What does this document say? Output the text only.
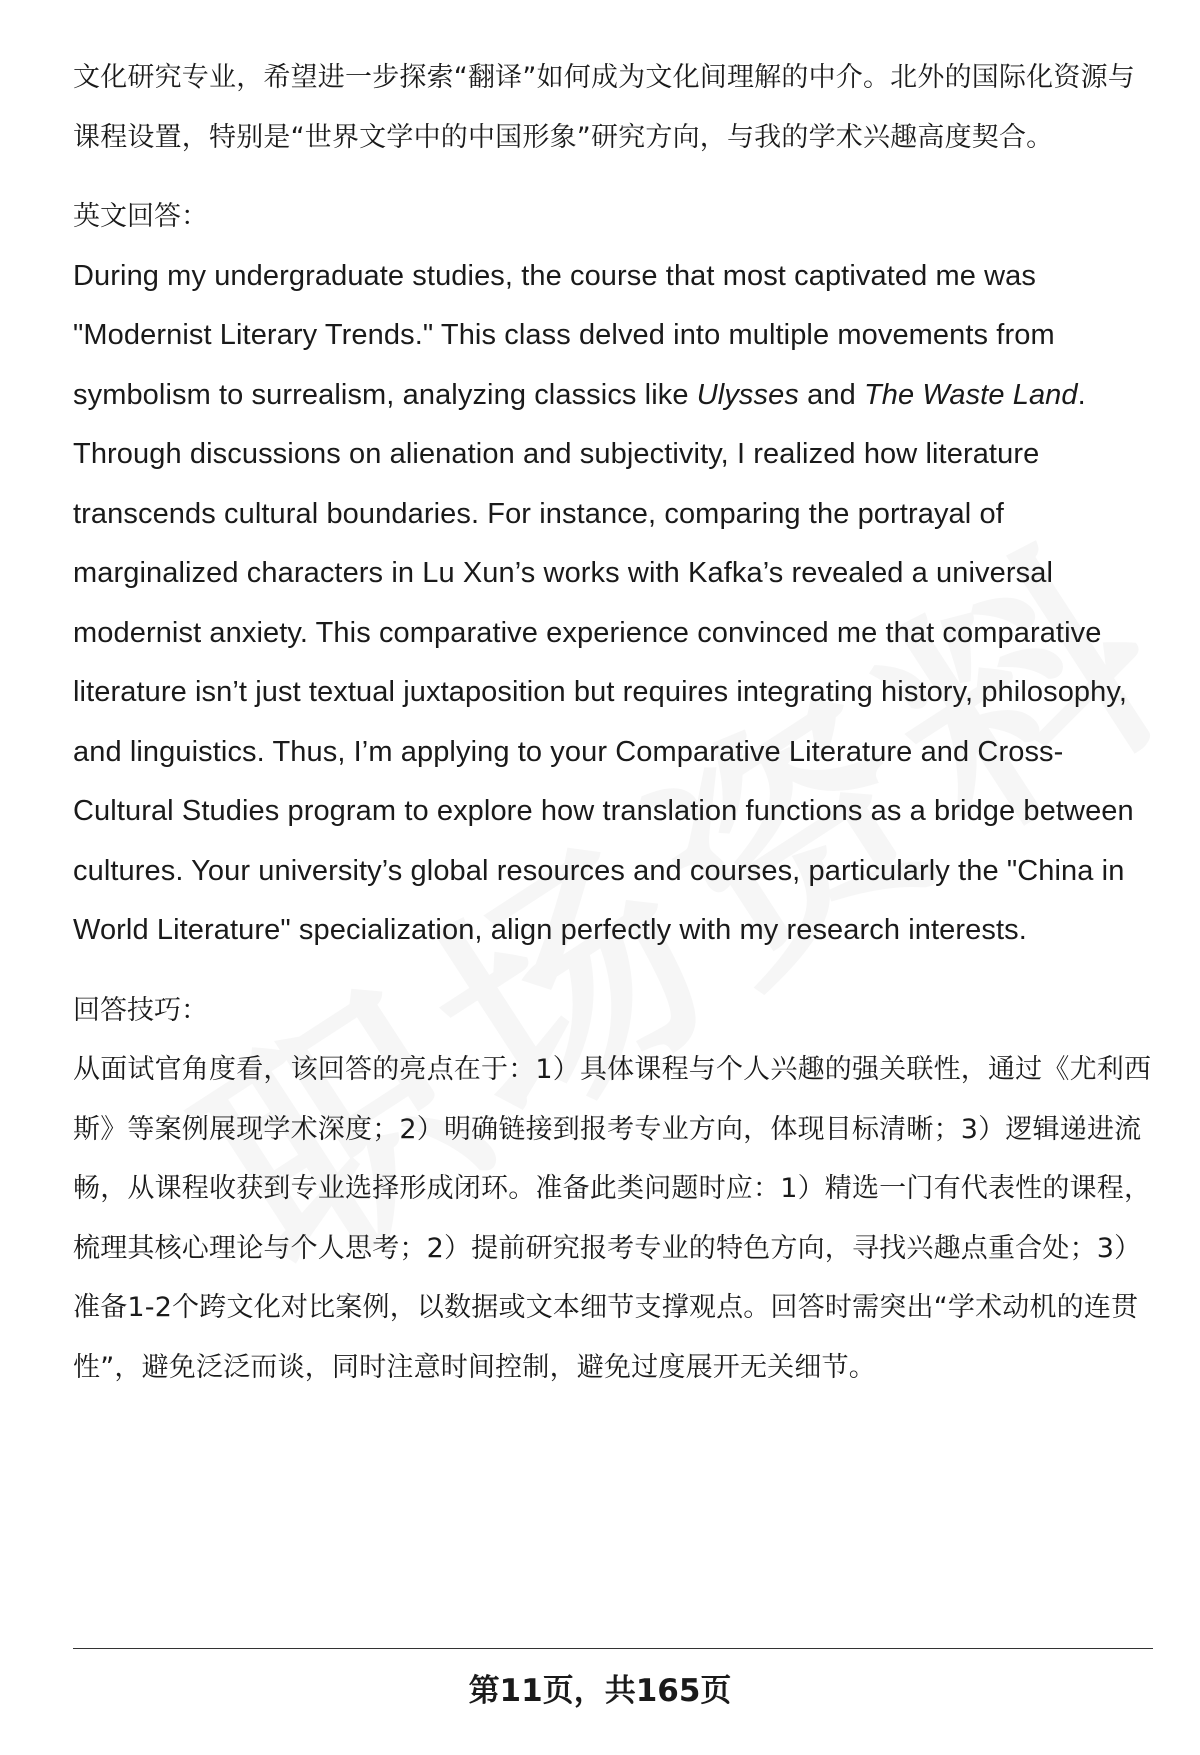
文化研究专业，希望进一步探索“翻译”如何成为文化间理解的中介。北外的国际化资源与课程设置，特别是“世界文学中的中国形象”研究方向，与我的学术兴趣高度契合。

英文回答：

During my undergraduate studies, the course that most captivated me was "Modernist Literary Trends." This class delved into multiple movements from symbolism to surrealism, analyzing classics like Ulysses and The Waste Land. Through discussions on alienation and subjectivity, I realized how literature transcends cultural boundaries. For instance, comparing the portrayal of marginalized characters in Lu Xun’s works with Kafka’s revealed a universal modernist anxiety. This comparative experience convinced me that comparative literature isn’t just textual juxtaposition but requires integrating history, philosophy, and linguistics. Thus, I’m applying to your Comparative Literature and Cross-Cultural Studies program to explore how translation functions as a bridge between cultures. Your university’s global resources and courses, particularly the "China in World Literature" specialization, align perfectly with my research interests.

回答技巧：

从面试官角度看，该回答的亮点在于：1）具体课程与个人兴趣的强关联性，通过《尤利西斯》等案例展现学术深度；2）明确链接到报考专业方向，体现目标清晰；3）逻辑递进流畅，从课程收获到专业选择形成闭环。准备此类问题时应：1）精选一门有代表性的课程，梳理其核心理论与个人思考；2）提前研究报考专业的特色方向，寻找兴趣点重合处；3）准备1-2个跨文化对比案例，以数据或文本细节支撑观点。回答时需突出“学术动机的连贯性”，避免泛泛而谈，同时注意时间控制，避免过度展开无关细节。

第11页，共165页
